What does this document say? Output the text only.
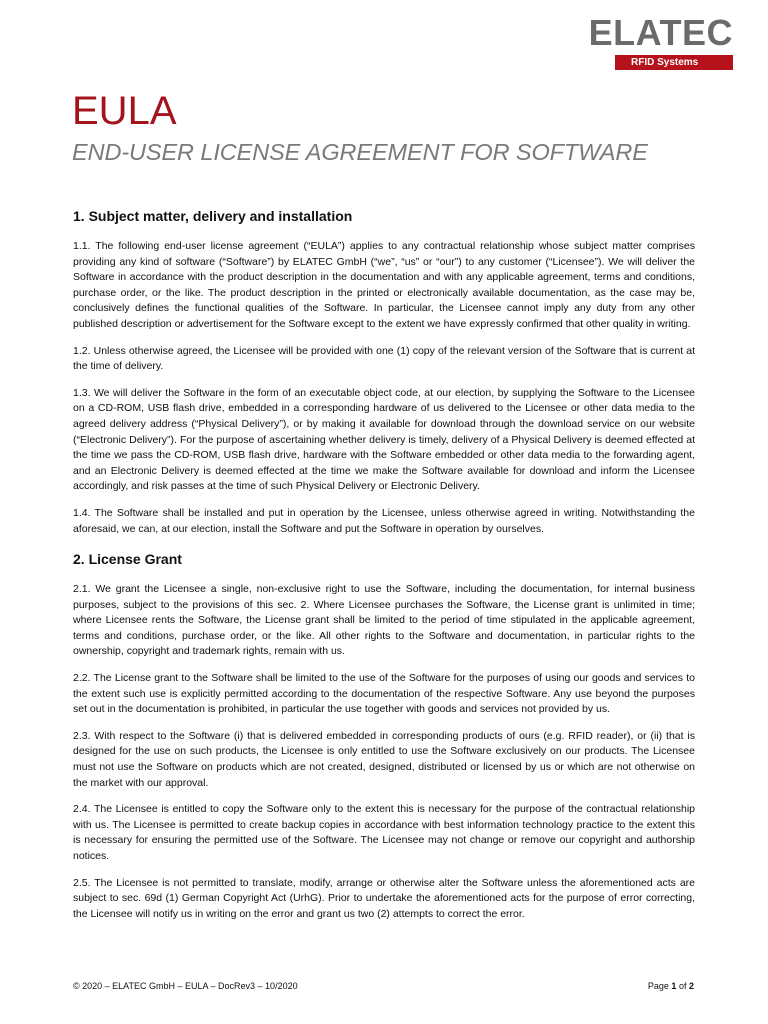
ELATEC
RFID Systems
EULA
END-USER LICENSE AGREEMENT FOR SOFTWARE
1. Subject matter, delivery and installation

1.1. The following end-user license agreement (“EULA”) applies to any contractual relationship whose subject matter comprises providing any kind of software (“Software”) by ELATEC GmbH (“we”, “us” or “our”) to any customer (“Licensee”). We will deliver the Software in accordance with the product description in the documentation and with any applicable agreement, terms and conditions, purchase order, or the like. The product description in the printed or electronically available documentation, as the case may be, conclusively defines the functional qualities of the Software. In particular, the Licensee cannot imply any duty from any other published description or advertisement for the Software except to the extent we have expressly confirmed that other quality in writing.

1.2. Unless otherwise agreed, the Licensee will be provided with one (1) copy of the relevant version of the Software that is current at the time of delivery.

1.3. We will deliver the Software in the form of an executable object code, at our election, by supplying the Software to the Licensee on a CD-ROM, USB flash drive, embedded in a corresponding hardware of us delivered to the Licensee or other data media to the agreed delivery address (“Physical Delivery”), or by making it available for download through the download service on our website (“Electronic Delivery”). For the purpose of ascertaining whether delivery is timely, delivery of a Physical Delivery is deemed effected at the time we pass the CD-ROM, USB flash drive, hardware with the Software embedded or other data media to the forwarding agent, and an Electronic Delivery is deemed effected at the time we make the Software available for download and inform the Licensee accordingly, and risk passes at the time of such Physical Delivery or Electronic Delivery.

1.4. The Software shall be installed and put in operation by the Licensee, unless otherwise agreed in writing. Notwithstanding the aforesaid, we can, at our election, install the Software and put the Software in operation by ourselves.

2. License Grant

2.1. We grant the Licensee a single, non-exclusive right to use the Software, including the documentation, for internal business purposes, subject to the provisions of this sec. 2. Where Licensee purchases the Software, the License grant is unlimited in time; where Licensee rents the Software, the License grant shall be limited to the period of time stipulated in the applicable agreement, terms and conditions, purchase order, or the like. All other rights to the Software and documentation, in particular rights to the ownership, copyright and trademark rights, remain with us.

2.2. The License grant to the Software shall be limited to the use of the Software for the purposes of using our goods and services to the extent such use is explicitly permitted according to the documentation of the respective Software. Any use beyond the purposes set out in the documentation is prohibited, in particular the use together with goods and services not provided by us.

2.3. With respect to the Software (i) that is delivered embedded in corresponding products of ours (e.g. RFID reader), or (ii) that is designed for the use on such products, the Licensee is only entitled to use the Software exclusively on our products. The Licensee must not use the Software on products which are not created, designed, distributed or licensed by us or which are not otherwise on the market with our approval.

2.4. The Licensee is entitled to copy the Software only to the extent this is necessary for the purpose of the contractual relationship with us. The Licensee is permitted to create backup copies in accordance with best information technology practice to the extent this is necessary for ensuring the permitted use of the Software. The Licensee may not change or remove our copyright and authorship notices.

2.5. The Licensee is not permitted to translate, modify, arrange or otherwise alter the Software unless the aforementioned acts are subject to sec. 69d (1) German Copyright Act (UrhG). Prior to undertake the aforementioned acts for the purpose of error correcting, the Licensee will notify us in writing on the error and grant us two (2) attempts to correct the error.

© 2020 – ELATEC GmbH – EULA – DocRev3 – 10/2020	Page 1 of 2
